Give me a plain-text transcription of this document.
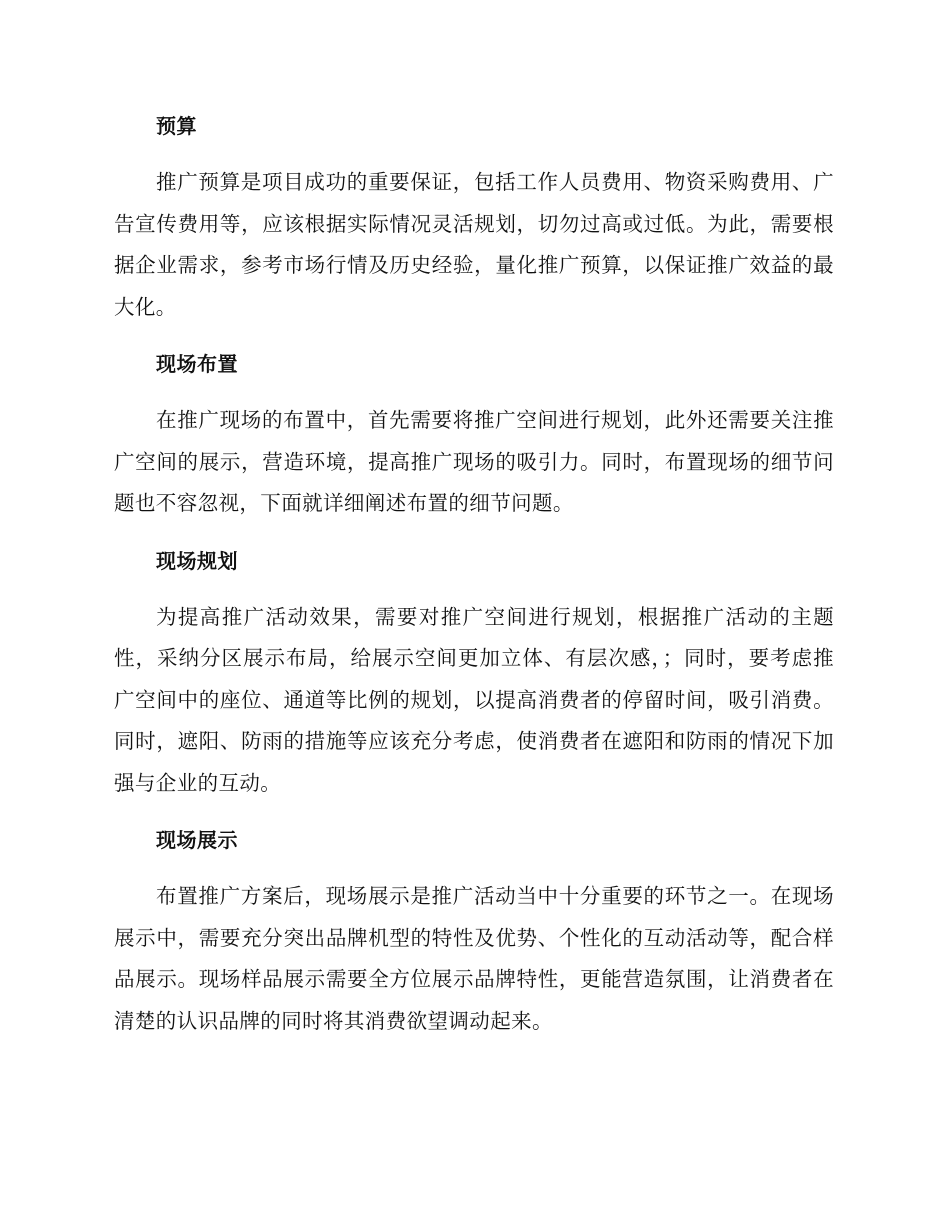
预算

推广预算是项目成功的重要保证，包括工作人员费用、物资采购费用、广告宣传费用等，应该根据实际情况灵活规划，切勿过高或过低。为此，需要根据企业需求，参考市场行情及历史经验，量化推广预算，以保证推广效益的最大化。

现场布置

在推广现场的布置中，首先需要将推广空间进行规划，此外还需要关注推广空间的展示，营造环境，提高推广现场的吸引力。同时，布置现场的细节问题也不容忽视，下面就详细阐述布置的细节问题。

现场规划

为提高推广活动效果，需要对推广空间进行规划，根据推广活动的主题性，采纳分区展示布局，给展示空间更加立体、有层次感，；同时，要考虑推广空间中的座位、通道等比例的规划，以提高消费者的停留时间，吸引消费。同时，遮阳、防雨的措施等应该充分考虑，使消费者在遮阳和防雨的情况下加强与企业的互动。

现场展示

布置推广方案后，现场展示是推广活动当中十分重要的环节之一。在现场展示中，需要充分突出品牌机型的特性及优势、个性化的互动活动等，配合样品展示。现场样品展示需要全方位展示品牌特性，更能营造氛围，让消费者在清楚的认识品牌的同时将其消费欲望调动起来。
